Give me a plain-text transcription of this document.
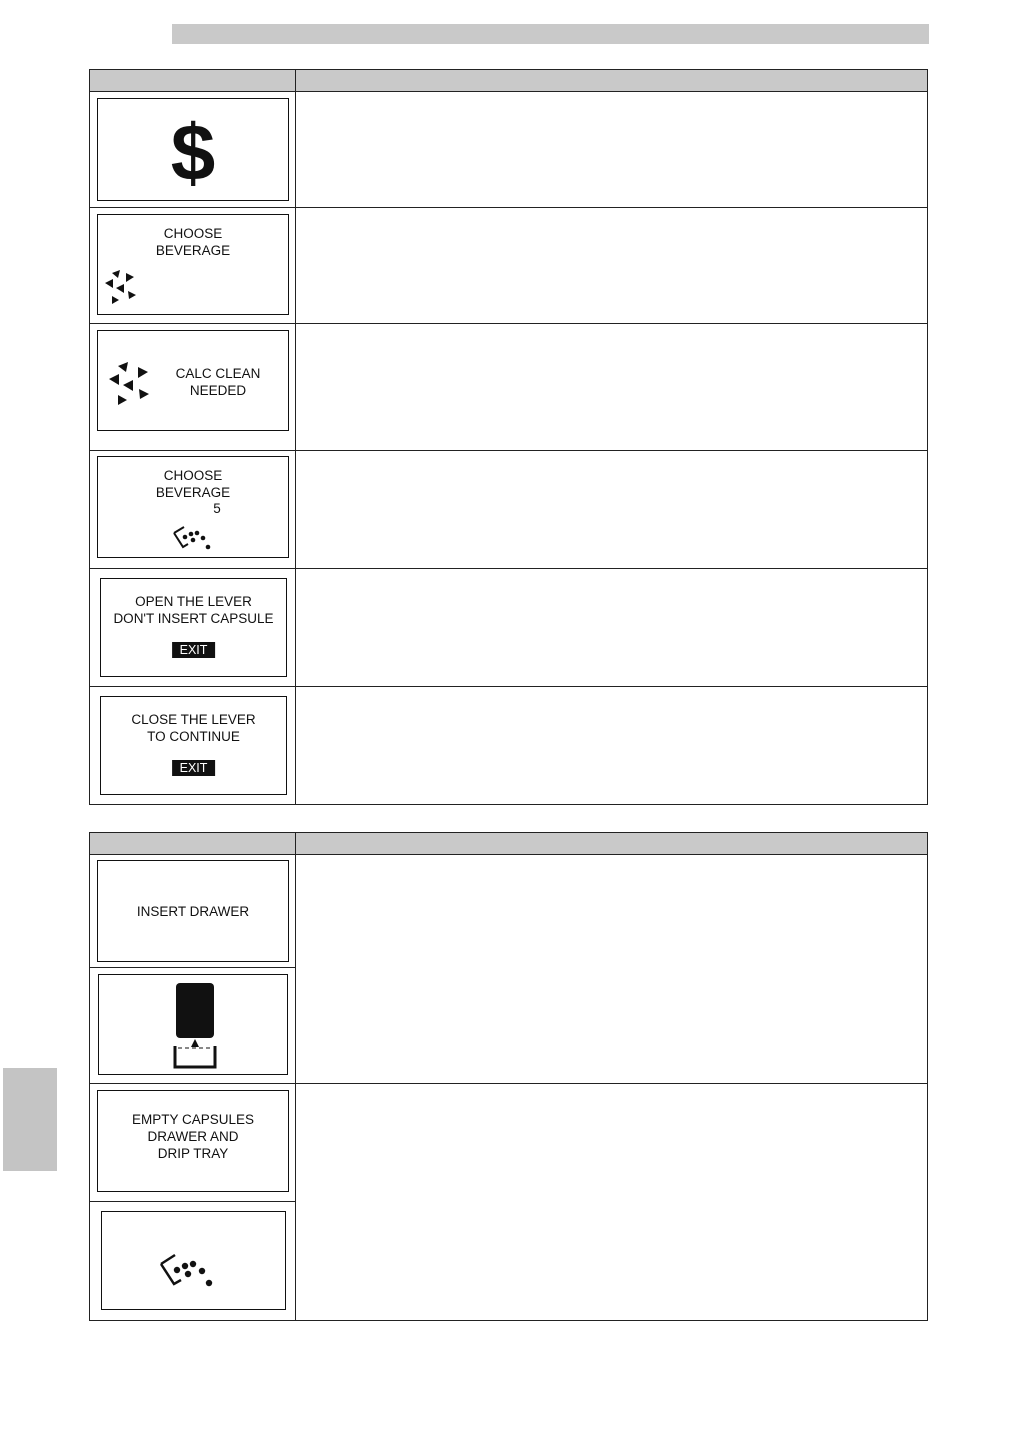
$
CHOOSE
BEVERAGE
CALC CLEAN
NEEDED
CHOOSE
BEVERAGE
5
OPEN THE LEVER
DON'T INSERT CAPSULE
EXIT
CLOSE THE LEVER
TO CONTINUE
EXIT
INSERT DRAWER
EMPTY CAPSULES
DRAWER AND
DRIP TRAY
